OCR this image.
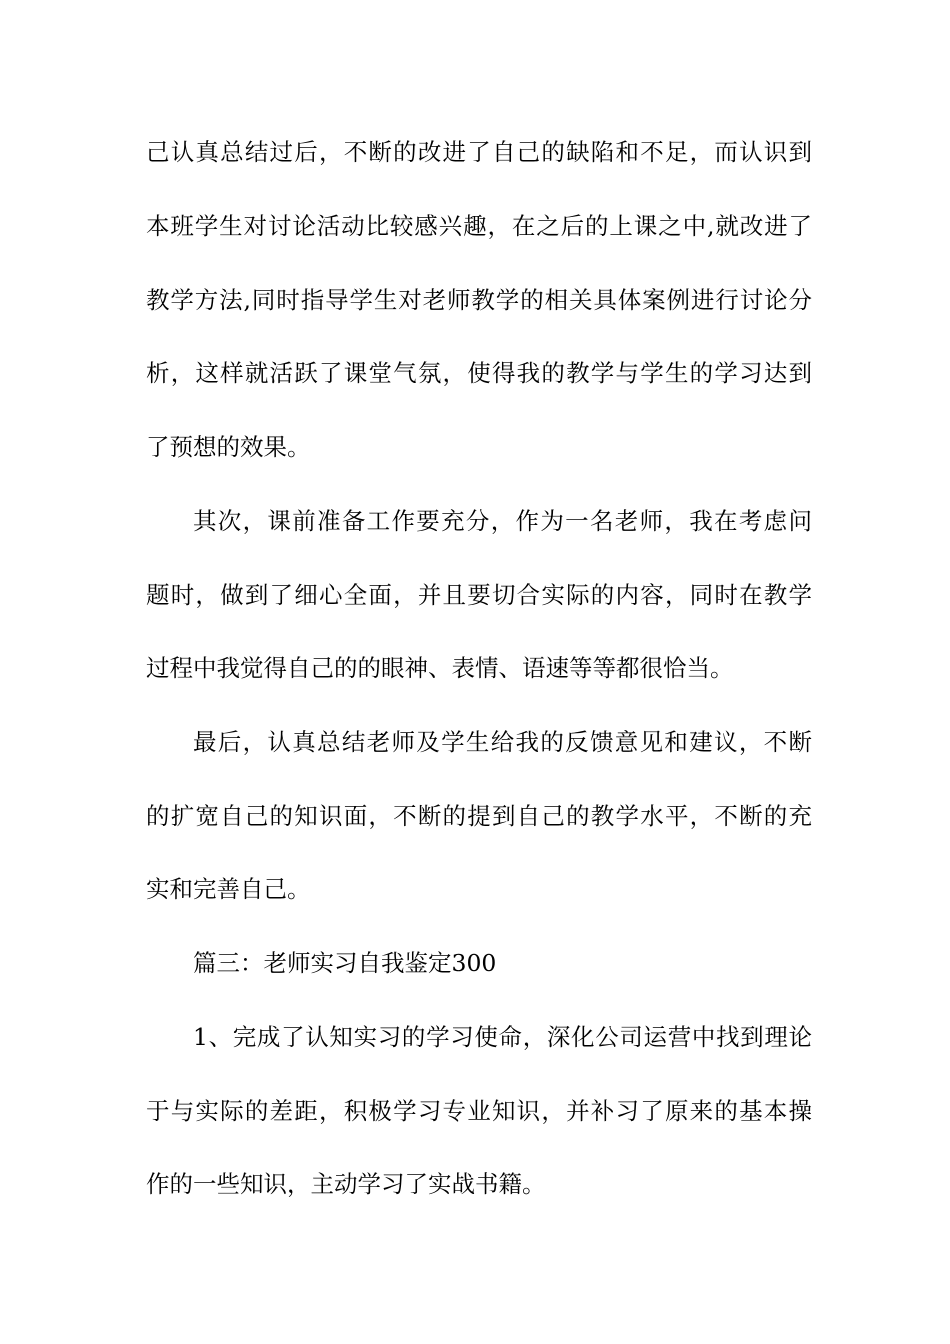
己认真总结过后，不断的改进了自己的缺陷和不足，而认识到
本班学生对讨论活动比较感兴趣，在之后的上课之中,就改进了
教学方法,同时指导学生对老师教学的相关具体案例进行讨论分
析，这样就活跃了课堂气氛，使得我的教学与学生的学习达到
了预想的效果。
其次，课前准备工作要充分，作为一名老师，我在考虑问
题时，做到了细心全面，并且要切合实际的内容，同时在教学
过程中我觉得自己的的眼神、表情、语速等等都很恰当。
最后，认真总结老师及学生给我的反馈意见和建议，不断
的扩宽自己的知识面，不断的提到自己的教学水平，不断的充
实和完善自己。
篇三：老师实习自我鉴定300
1、完成了认知实习的学习使命，深化公司运营中找到理论
于与实际的差距，积极学习专业知识，并补习了原来的基本操
作的一些知识，主动学习了实战书籍。
